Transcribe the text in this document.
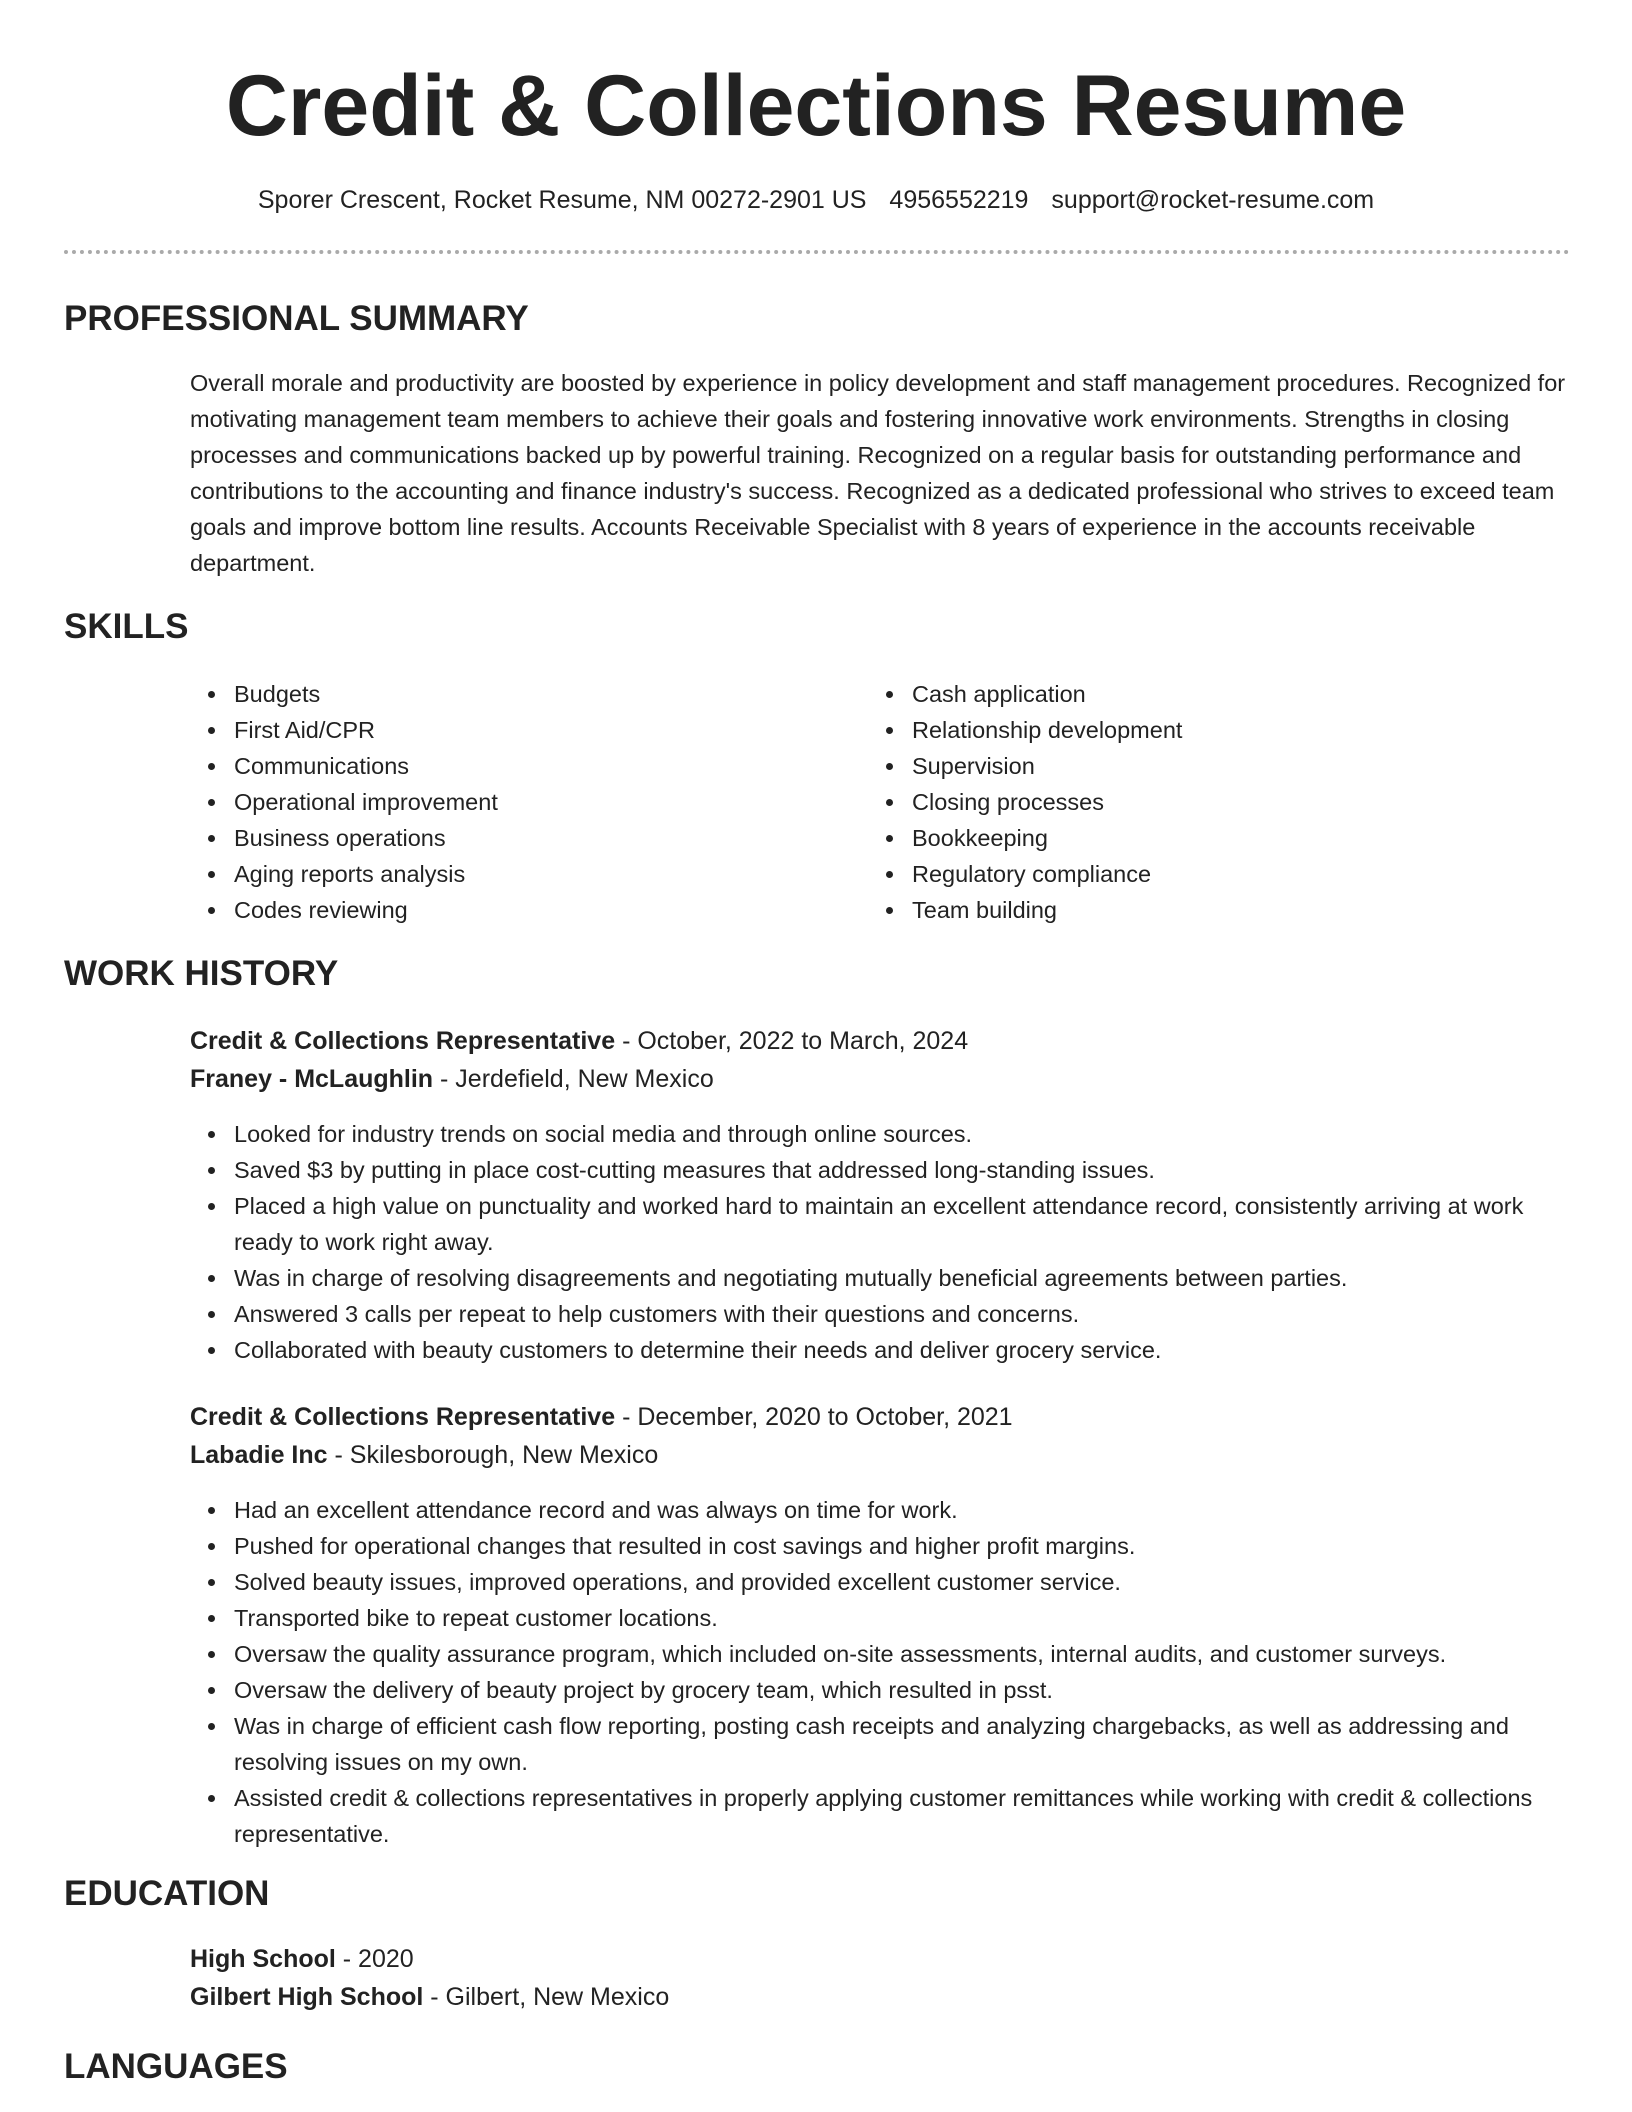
Credit & Collections Resume
Sporer Crescent, Rocket Resume, NM 00272-2901 US 4956552219 support@rocket-resume.com
PROFESSIONAL SUMMARY

Overall morale and productivity are boosted by experience in policy development and staff management procedures. Recognized for motivating management team members to achieve their goals and fostering innovative work environments. Strengths in closing processes and communications backed up by powerful training. Recognized on a regular basis for outstanding performance and contributions to the accounting and finance industry's success. Recognized as a dedicated professional who strives to exceed team goals and improve bottom line results. Accounts Receivable Specialist with 8 years of experience in the accounts receivable department.

SKILLS
Budgets
First Aid/CPR
Communications
Operational improvement
Business operations
Aging reports analysis
Codes reviewing
Cash application
Relationship development
Supervision
Closing processes
Bookkeeping
Regulatory compliance
Team building
WORK HISTORY
Credit & Collections Representative - October, 2022 to March, 2024
Franey - McLaughlin - Jerdefield, New Mexico
Looked for industry trends on social media and through online sources.
Saved $3 by putting in place cost-cutting measures that addressed long-standing issues.
Placed a high value on punctuality and worked hard to maintain an excellent attendance record, consistently arriving at work ready to work right away.
Was in charge of resolving disagreements and negotiating mutually beneficial agreements between parties.
Answered 3 calls per repeat to help customers with their questions and concerns.
Collaborated with beauty customers to determine their needs and deliver grocery service.
Credit & Collections Representative - December, 2020 to October, 2021
Labadie Inc - Skilesborough, New Mexico
Had an excellent attendance record and was always on time for work.
Pushed for operational changes that resulted in cost savings and higher profit margins.
Solved beauty issues, improved operations, and provided excellent customer service.
Transported bike to repeat customer locations.
Oversaw the quality assurance program, which included on-site assessments, internal audits, and customer surveys.
Oversaw the delivery of beauty project by grocery team, which resulted in psst.
Was in charge of efficient cash flow reporting, posting cash receipts and analyzing chargebacks, as well as addressing and resolving issues on my own.
Assisted credit & collections representatives in properly applying customer remittances while working with credit & collections representative.
EDUCATION
High School - 2020
Gilbert High School - Gilbert, New Mexico
LANGUAGES
